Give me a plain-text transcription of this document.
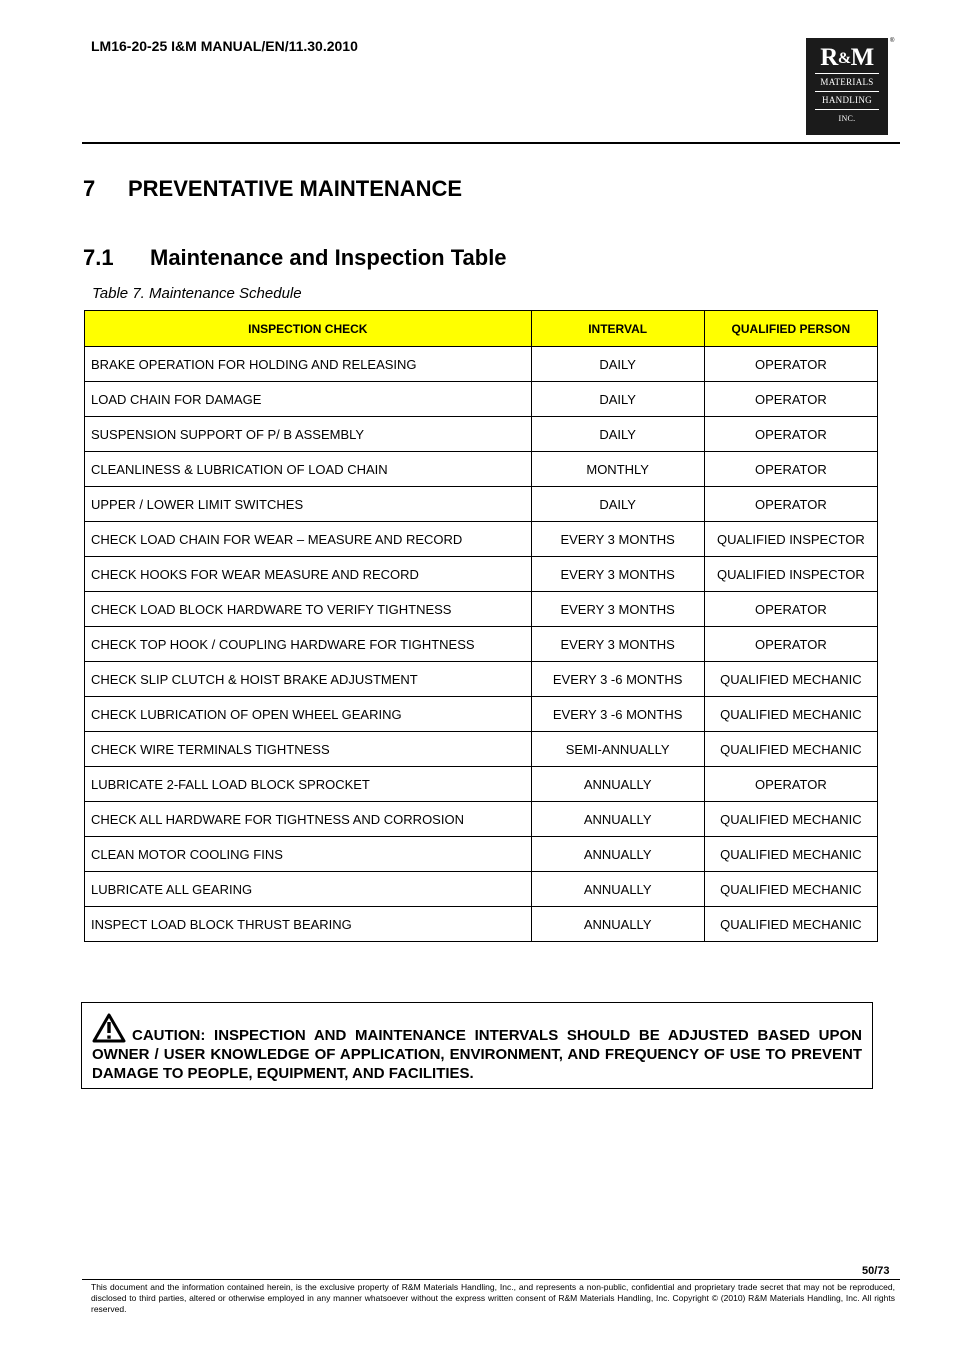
LM16-20-25 I&M MANUAL/EN/11.30.2010	R&M
MATERIALS
HANDLING
INC.
®
7 PREVENTATIVE MAINTENANCE
7.1 Maintenance and Inspection Table
Table 7. Maintenance Schedule
INSPECTION CHECK	INTERVAL	QUALIFIED PERSON
BRAKE OPERATION FOR HOLDING AND RELEASING	DAILY	OPERATOR
LOAD CHAIN FOR DAMAGE	DAILY	OPERATOR
SUSPENSION SUPPORT OF P/ B ASSEMBLY	DAILY	OPERATOR
CLEANLINESS & LUBRICATION OF LOAD CHAIN	MONTHLY	OPERATOR
UPPER / LOWER LIMIT SWITCHES	DAILY	OPERATOR
CHECK LOAD CHAIN FOR WEAR – MEASURE AND RECORD	EVERY 3 MONTHS	QUALIFIED INSPECTOR
CHECK HOOKS FOR WEAR MEASURE AND RECORD	EVERY 3 MONTHS	QUALIFIED INSPECTOR
CHECK LOAD BLOCK HARDWARE TO VERIFY TIGHTNESS	EVERY 3 MONTHS	OPERATOR
CHECK TOP HOOK / COUPLING HARDWARE FOR TIGHTNESS	EVERY 3 MONTHS	OPERATOR
CHECK SLIP CLUTCH & HOIST BRAKE ADJUSTMENT	EVERY 3 -6 MONTHS	QUALIFIED MECHANIC
CHECK LUBRICATION OF OPEN WHEEL GEARING	EVERY 3 -6 MONTHS	QUALIFIED MECHANIC
CHECK WIRE TERMINALS TIGHTNESS	SEMI-ANNUALLY	QUALIFIED MECHANIC
LUBRICATE 2-FALL LOAD BLOCK SPROCKET	ANNUALLY	OPERATOR
CHECK ALL HARDWARE FOR TIGHTNESS AND CORROSION	ANNUALLY	QUALIFIED MECHANIC
CLEAN MOTOR COOLING FINS	ANNUALLY	QUALIFIED MECHANIC
LUBRICATE ALL GEARING	ANNUALLY	QUALIFIED MECHANIC
INSPECT LOAD BLOCK THRUST BEARING	ANNUALLY	QUALIFIED MECHANIC
CAUTION: INSPECTION AND MAINTENANCE INTERVALS SHOULD BE ADJUSTED BASED UPON OWNER / USER KNOWLEDGE OF APPLICATION, ENVIRONMENT, AND FREQUENCY OF USE TO PREVENT DAMAGE TO PEOPLE, EQUIPMENT, AND FACILITIES.
50/73
This document and the information contained herein, is the exclusive property of R&M Materials Handling, Inc., and represents a non-public, confidential and proprietary trade secret that may not be reproduced, disclosed to third parties, altered or otherwise employed in any manner whatsoever without the express written consent of R&M Materials Handling, Inc. Copyright © (2010) R&M Materials Handling, Inc. All rights reserved.
